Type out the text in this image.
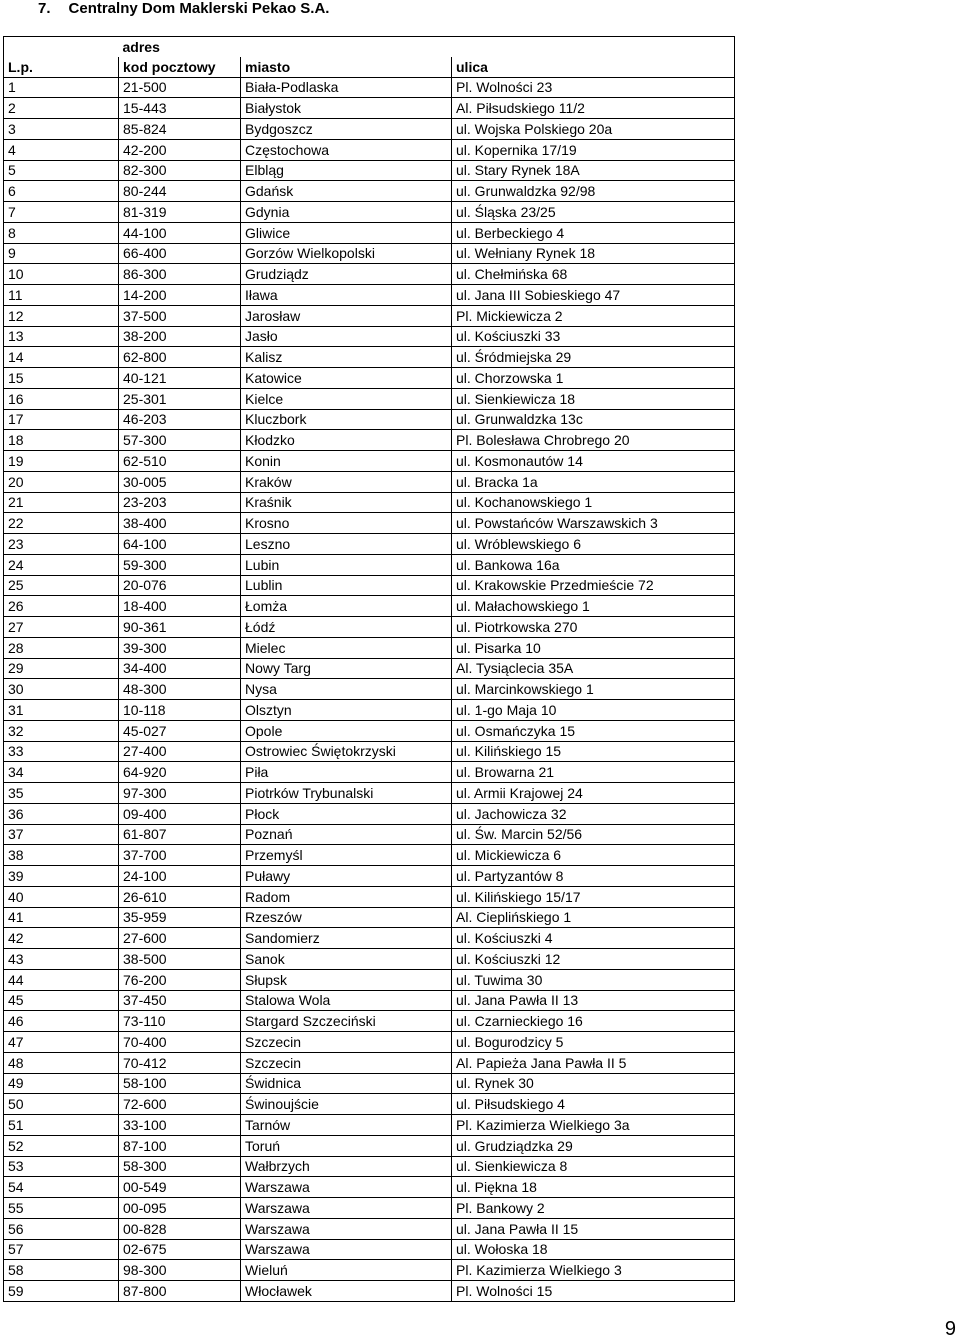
7. Centralny Dom Maklerski Pekao S.A.
	adres		
L.p.	kod pocztowy	miasto	ulica
1	21-500	Biała-Podlaska	Pl. Wolności 23
2	15-443	Białystok	Al. Piłsudskiego 11/2
3	85-824	Bydgoszcz	ul. Wojska Polskiego 20a
4	42-200	Częstochowa	ul. Kopernika 17/19
5	82-300	Elbląg	ul. Stary Rynek 18A
6	80-244	Gdańsk	ul. Grunwaldzka 92/98
7	81-319	Gdynia	ul. Śląska 23/25
8	44-100	Gliwice	ul. Berbeckiego 4
9	66-400	Gorzów Wielkopolski	ul. Wełniany Rynek 18
10	86-300	Grudziądz	ul. Chełmińska 68
11	14-200	Iława	ul. Jana III Sobieskiego 47
12	37-500	Jarosław	Pl. Mickiewicza 2
13	38-200	Jasło	ul. Kościuszki 33
14	62-800	Kalisz	ul. Śródmiejska 29
15	40-121	Katowice	ul. Chorzowska 1
16	25-301	Kielce	ul. Sienkiewicza 18
17	46-203	Kluczbork	ul. Grunwaldzka 13c
18	57-300	Kłodzko	Pl. Bolesława Chrobrego 20
19	62-510	Konin	ul. Kosmonautów 14
20	30-005	Kraków	ul. Bracka 1a
21	23-203	Kraśnik	ul. Kochanowskiego 1
22	38-400	Krosno	ul. Powstańców Warszawskich 3
23	64-100	Leszno	ul. Wróblewskiego 6
24	59-300	Lubin	ul. Bankowa 16a
25	20-076	Lublin	ul. Krakowskie Przedmieście 72
26	18-400	Łomża	ul. Małachowskiego 1
27	90-361	Łódź	ul. Piotrkowska 270
28	39-300	Mielec	ul. Pisarka 10
29	34-400	Nowy Targ	Al. Tysiąclecia 35A
30	48-300	Nysa	ul. Marcinkowskiego 1
31	10-118	Olsztyn	ul. 1-go Maja 10
32	45-027	Opole	ul. Osmańczyka 15
33	27-400	Ostrowiec Świętokrzyski	ul. Kilińskiego 15
34	64-920	Piła	ul. Browarna 21
35	97-300	Piotrków Trybunalski	ul. Armii Krajowej 24
36	09-400	Płock	ul. Jachowicza 32
37	61-807	Poznań	ul. Św. Marcin 52/56
38	37-700	Przemyśl	ul. Mickiewicza 6
39	24-100	Puławy	ul. Partyzantów 8
40	26-610	Radom	ul. Kilińskiego 15/17
41	35-959	Rzeszów	Al. Cieplińskiego 1
42	27-600	Sandomierz	ul. Kościuszki 4
43	38-500	Sanok	ul. Kościuszki 12
44	76-200	Słupsk	ul. Tuwima 30
45	37-450	Stalowa Wola	ul. Jana Pawła II 13
46	73-110	Stargard Szczeciński	ul. Czarnieckiego 16
47	70-400	Szczecin	ul. Bogurodzicy 5
48	70-412	Szczecin	Al. Papieża Jana Pawła II 5
49	58-100	Świdnica	ul. Rynek 30
50	72-600	Świnoujście	ul. Piłsudskiego 4
51	33-100	Tarnów	Pl. Kazimierza Wielkiego 3a
52	87-100	Toruń	ul. Grudziądzka 29
53	58-300	Wałbrzych	ul. Sienkiewicza 8
54	00-549	Warszawa	ul. Piękna 18
55	00-095	Warszawa	Pl. Bankowy 2
56	00-828	Warszawa	ul. Jana Pawła II 15
57	02-675	Warszawa	ul. Wołoska 18
58	98-300	Wieluń	Pl. Kazimierza Wielkiego 3
59	87-800	Włocławek	Pl. Wolności 15
9
